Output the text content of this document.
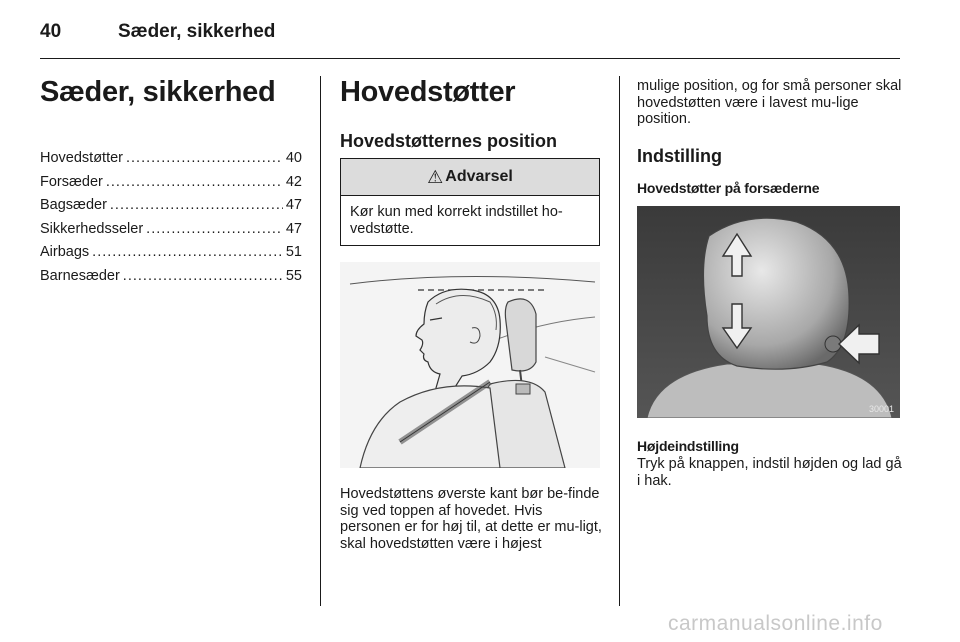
40	Sæder, sikkerhed
Sæder, sikkerhed
Hovedstøtter .....	40
Forsæder .....	42
Bagsæder .....	47
Sikkerhedsseler .....	47
Airbags .....	51
Barnesæder .....	55
Hovedstøtter
Hovedstøtternes position
⚠ Advarsel
Kør kun med korrekt indstillet ho-vedstøtte.
Hovedstøttens øverste kant bør be-finde sig ved toppen af hovedet. Hvis personen er for høj til, at dette er mu-ligt, skal hovedstøtten være i højest
mulige position, og for små personer skal hovedstøtten være i lavest mu-lige position.
Indstilling
Hovedstøtter på forsæderne
30001
Højdeindstilling
Tryk på knappen, indstil højden og lad gå i hak.
carmanualsonline.info
